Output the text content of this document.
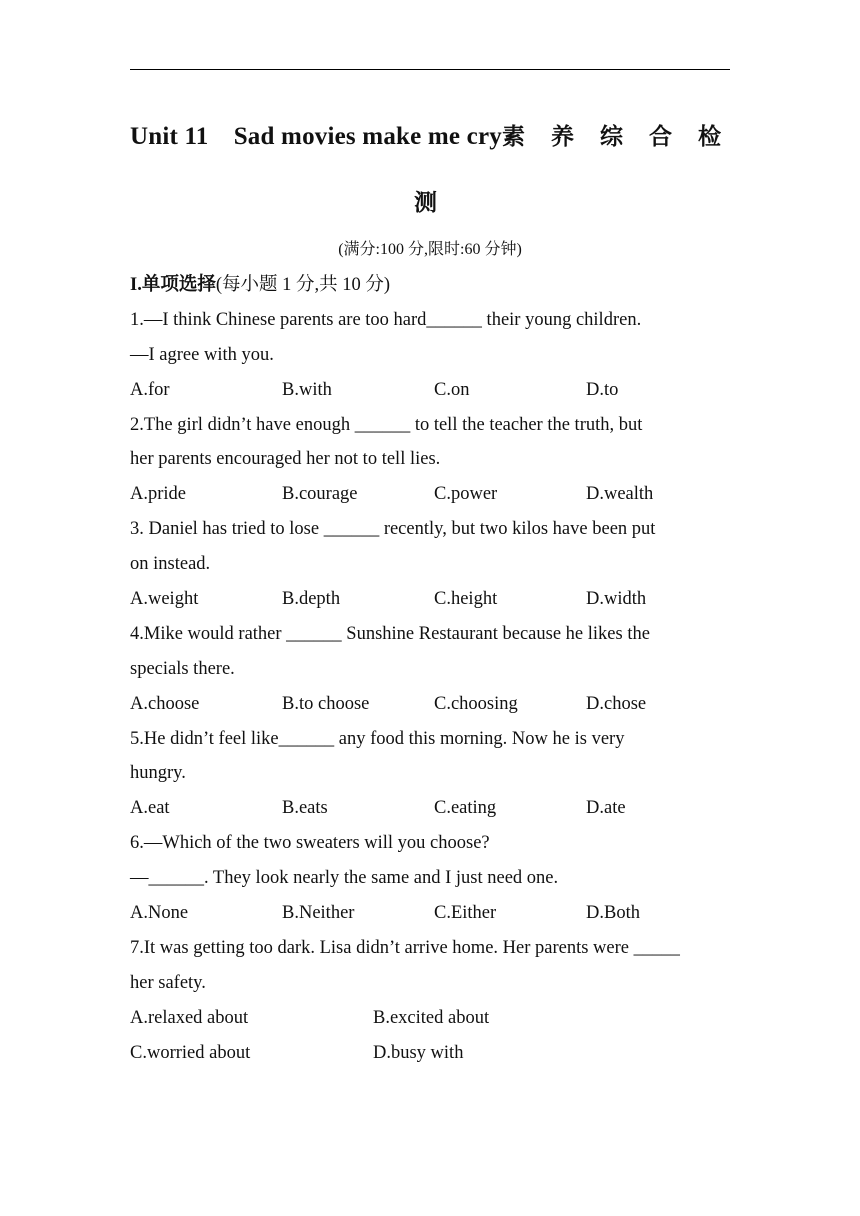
Unit 11 Sad movies make me cry素 养 综 合 检
测
(满分:100 分,限时:60 分钟)
I.单项选择(每小题 1 分,共 10 分)
1.—I think Chinese parents are too hard______ their young children.
—I agree with you.
A.for	B.with	C.on	D.to
2.The girl didn’t have enough ______ to tell the teacher the truth, but
her parents encouraged her not to tell lies.
A.pride	B.courage	C.power	D.wealth
3. Daniel has tried to lose ______ recently, but two kilos have been put
on instead.
A.weight	B.depth	C.height	D.width
4.Mike would rather ______ Sunshine Restaurant because he likes the
specials there.
A.choose	B.to choose	C.choosing	D.chose
5.He didn’t feel like______ any food this morning. Now he is very
hungry.
A.eat	B.eats	C.eating	D.ate
6.—Which of the two sweaters will you choose?
—______. They look nearly the same and I just need one.
A.None	B.Neither	C.Either	D.Both
7.It was getting too dark. Lisa didn’t arrive home. Her parents were _____
her safety.
A.relaxed about	B.excited about
C.worried about	D.busy with
